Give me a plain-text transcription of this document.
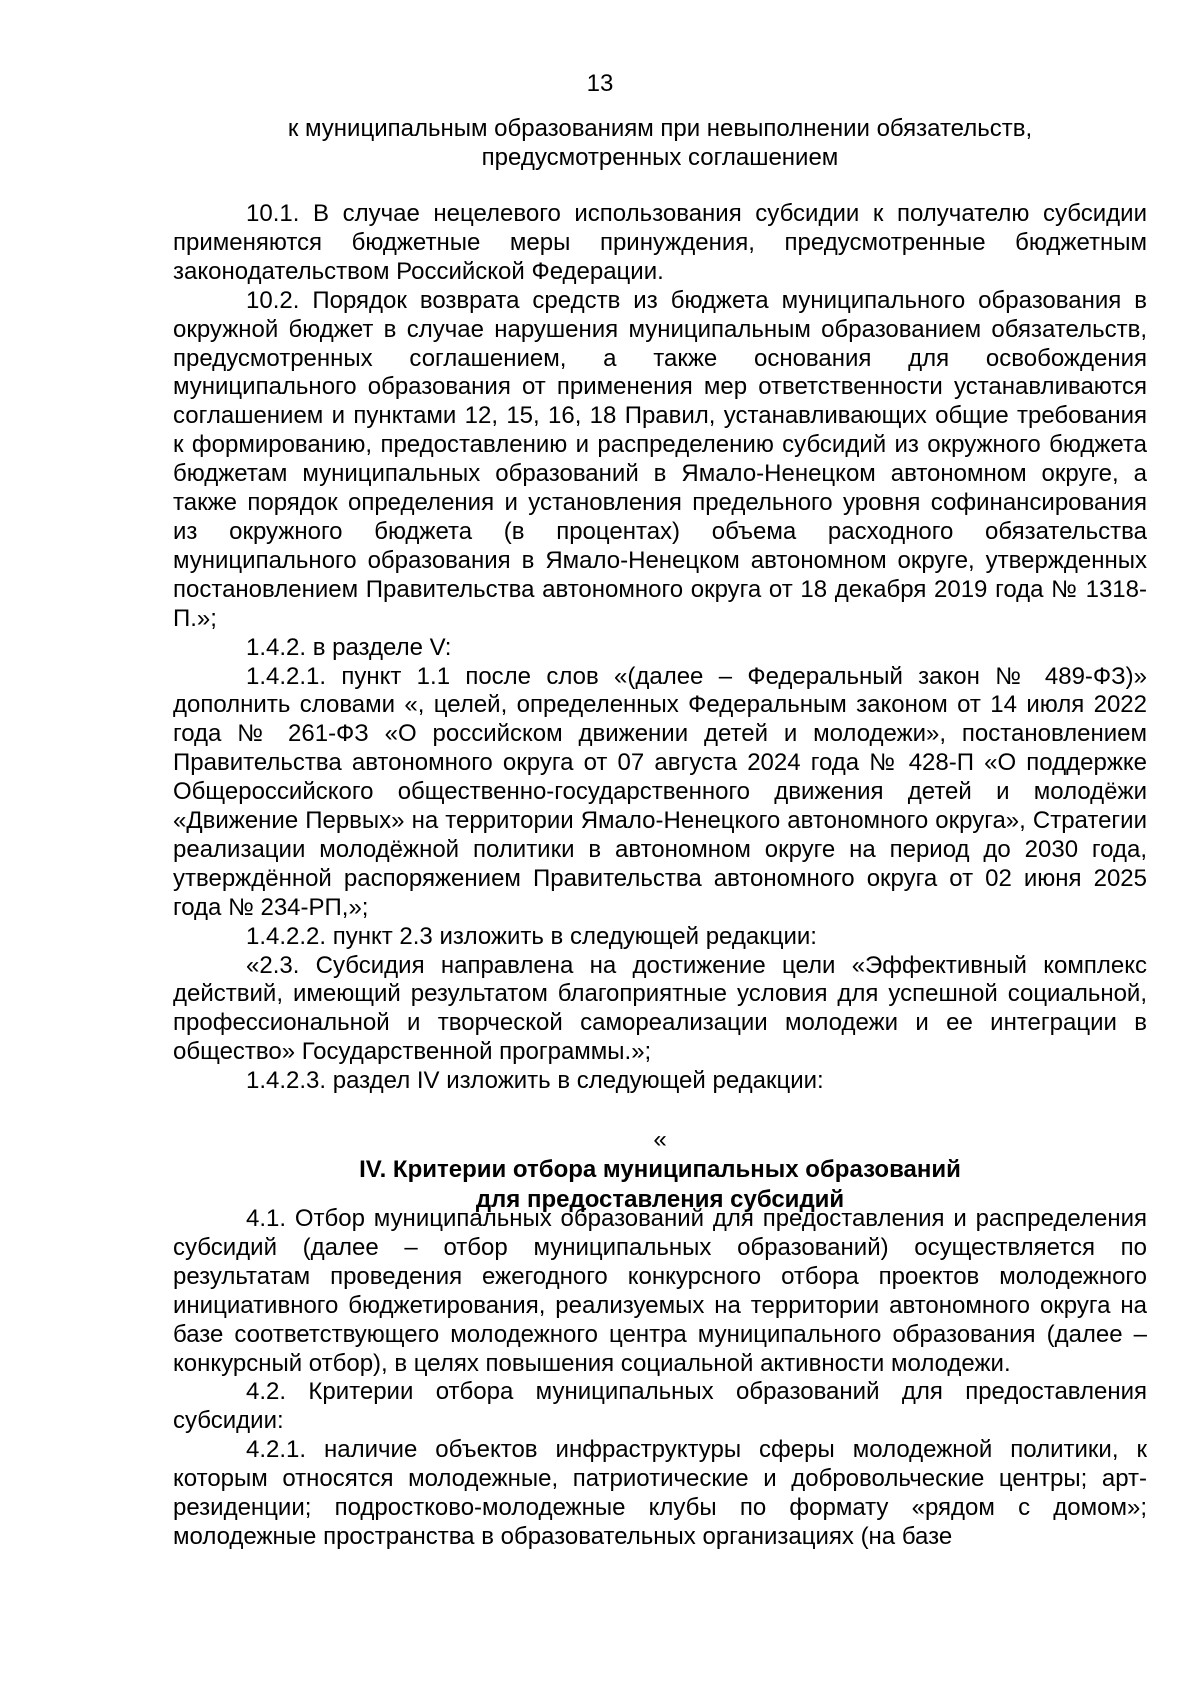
13
к муниципальным образованиям при невыполнении обязательств,
предусмотренных соглашением

10.1. В случае нецелевого использования субсидии к получателю субсидии применяются бюджетные меры принуждения, предусмотренные бюджетным законодательством Российской Федерации.

10.2. Порядок возврата средств из бюджета муниципального образования в окружной бюджет в случае нарушения муниципальным образованием обязательств, предусмотренных соглашением, а также основания для освобождения муниципального образования от применения мер ответственности устанавливаются соглашением и пунктами 12, 15, 16, 18 Правил, устанавливающих общие требования к формированию, предоставлению и распределению субсидий из окружного бюджета бюджетам муниципальных образований в Ямало-Ненецком автономном округе, а также порядок определения и установления предельного уровня софинансирования из окружного бюджета (в процентах) объема расходного обязательства муниципального образования в Ямало-Ненецком автономном округе, утвержденных постановлением Правительства автономного округа от 18 декабря 2019 года № 1318-П.»;

1.4.2. в разделе V:

1.4.2.1. пункт 1.1 после слов «(далее – Федеральный закон № 489-ФЗ)» дополнить словами «, целей, определенных Федеральным законом от 14 июля 2022 года № 261-ФЗ «О российском движении детей и молодежи», постановлением Правительства автономного округа от 07 августа 2024 года № 428-П «О поддержке Общероссийского общественно-государственного движения детей и молодёжи «Движение Первых» на территории Ямало-Ненецкого автономного округа», Стратегии реализации молодёжной политики в автономном округе на период до 2030 года, утверждённой распоряжением Правительства автономного округа от 02 июня 2025 года № 234-РП,»;

1.4.2.2. пункт 2.3 изложить в следующей редакции:

«2.3. Субсидия направлена на достижение цели «Эффективный комплекс действий, имеющий результатом благоприятные условия для успешной социальной, профессиональной и творческой самореализации молодежи и ее интеграции в общество» Государственной программы.»;

1.4.2.3. раздел IV изложить в следующей редакции:

«
IV. Критерии отбора муниципальных образований
для предоставления субсидий

4.1. Отбор муниципальных образований для предоставления и распределения субсидий (далее – отбор муниципальных образований) осуществляется по результатам проведения ежегодного конкурсного отбора проектов молодежного инициативного бюджетирования, реализуемых на территории автономного округа на базе соответствующего молодежного центра муниципального образования (далее – конкурсный отбор), в целях повышения социальной активности молодежи.

4.2. Критерии отбора муниципальных образований для предоставления субсидии:

4.2.1. наличие объектов инфраструктуры сферы молодежной политики, к которым относятся молодежные, патриотические и добровольческие центры; арт-резиденции; подростково-молодежные клубы по формату «рядом с домом»; молодежные пространства в образовательных организациях (на базе
